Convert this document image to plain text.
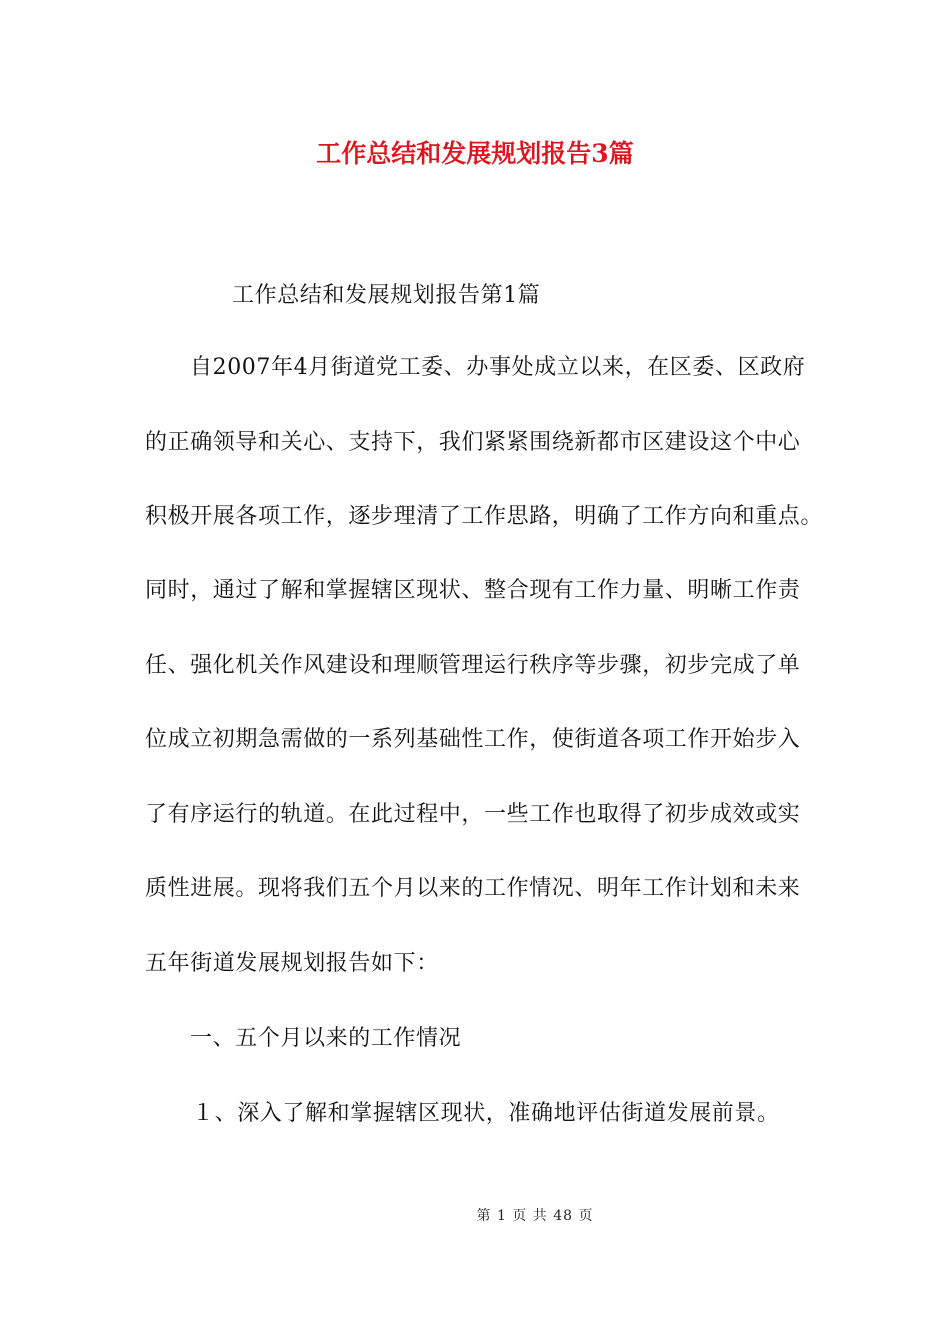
工作总结和发展规划报告3篇
工作总结和发展规划报告第1篇
自2007年4月街道党工委、办事处成立以来，在区委、区政府
的正确领导和关心、支持下，我们紧紧围绕新都市区建设这个中心
积极开展各项工作，逐步理清了工作思路，明确了工作方向和重点。
同时，通过了解和掌握辖区现状、整合现有工作力量、明晰工作责
任、强化机关作风建设和理顺管理运行秩序等步骤，初步完成了单
位成立初期急需做的一系列基础性工作，使街道各项工作开始步入
了有序运行的轨道。在此过程中，一些工作也取得了初步成效或实
质性进展。现将我们五个月以来的工作情况、明年工作计划和未来
五年街道发展规划报告如下：
一、五个月以来的工作情况
１、深入了解和掌握辖区现状，准确地评估街道发展前景。
第 1 页 共 48 页
